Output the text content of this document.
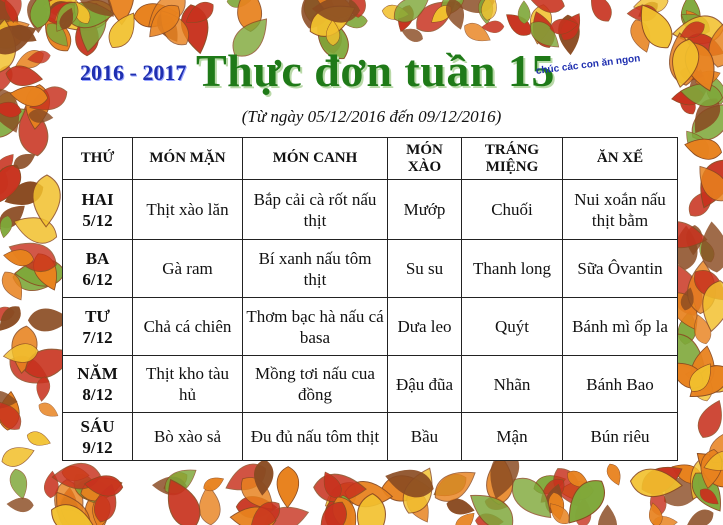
2016 - 2017 Thực đơn tuần 15
chúc các con ăn ngon
(Từ ngày 05/12/2016 đến 09/12/2016)
THỨ	MÓN MẶN	MÓN CANH	MÓN XÀO	TRÁNG MIỆNG	ĂN XẾ

HAI
5/12	Thịt xào lăn	Bắp cải cà rốt nấu thịt	Mướp	Chuối	Nui xoắn nấu thịt bằm

BA
6/12	Gà ram	Bí xanh nấu tôm thịt	Su su	Thanh long	Sữa Ôvantin

TƯ
7/12	Chả cá chiên	Thơm bạc hà nấu cá basa	Dưa leo	Quýt	Bánh mì ốp la

NĂM
8/12	Thịt kho tàu hủ	Mồng tơi nấu cua đồng	Đậu đũa	Nhãn	Bánh Bao

SÁU
9/12	Bò xào sả	Đu đủ nấu tôm thịt	Bầu	Mận	Bún riêu
